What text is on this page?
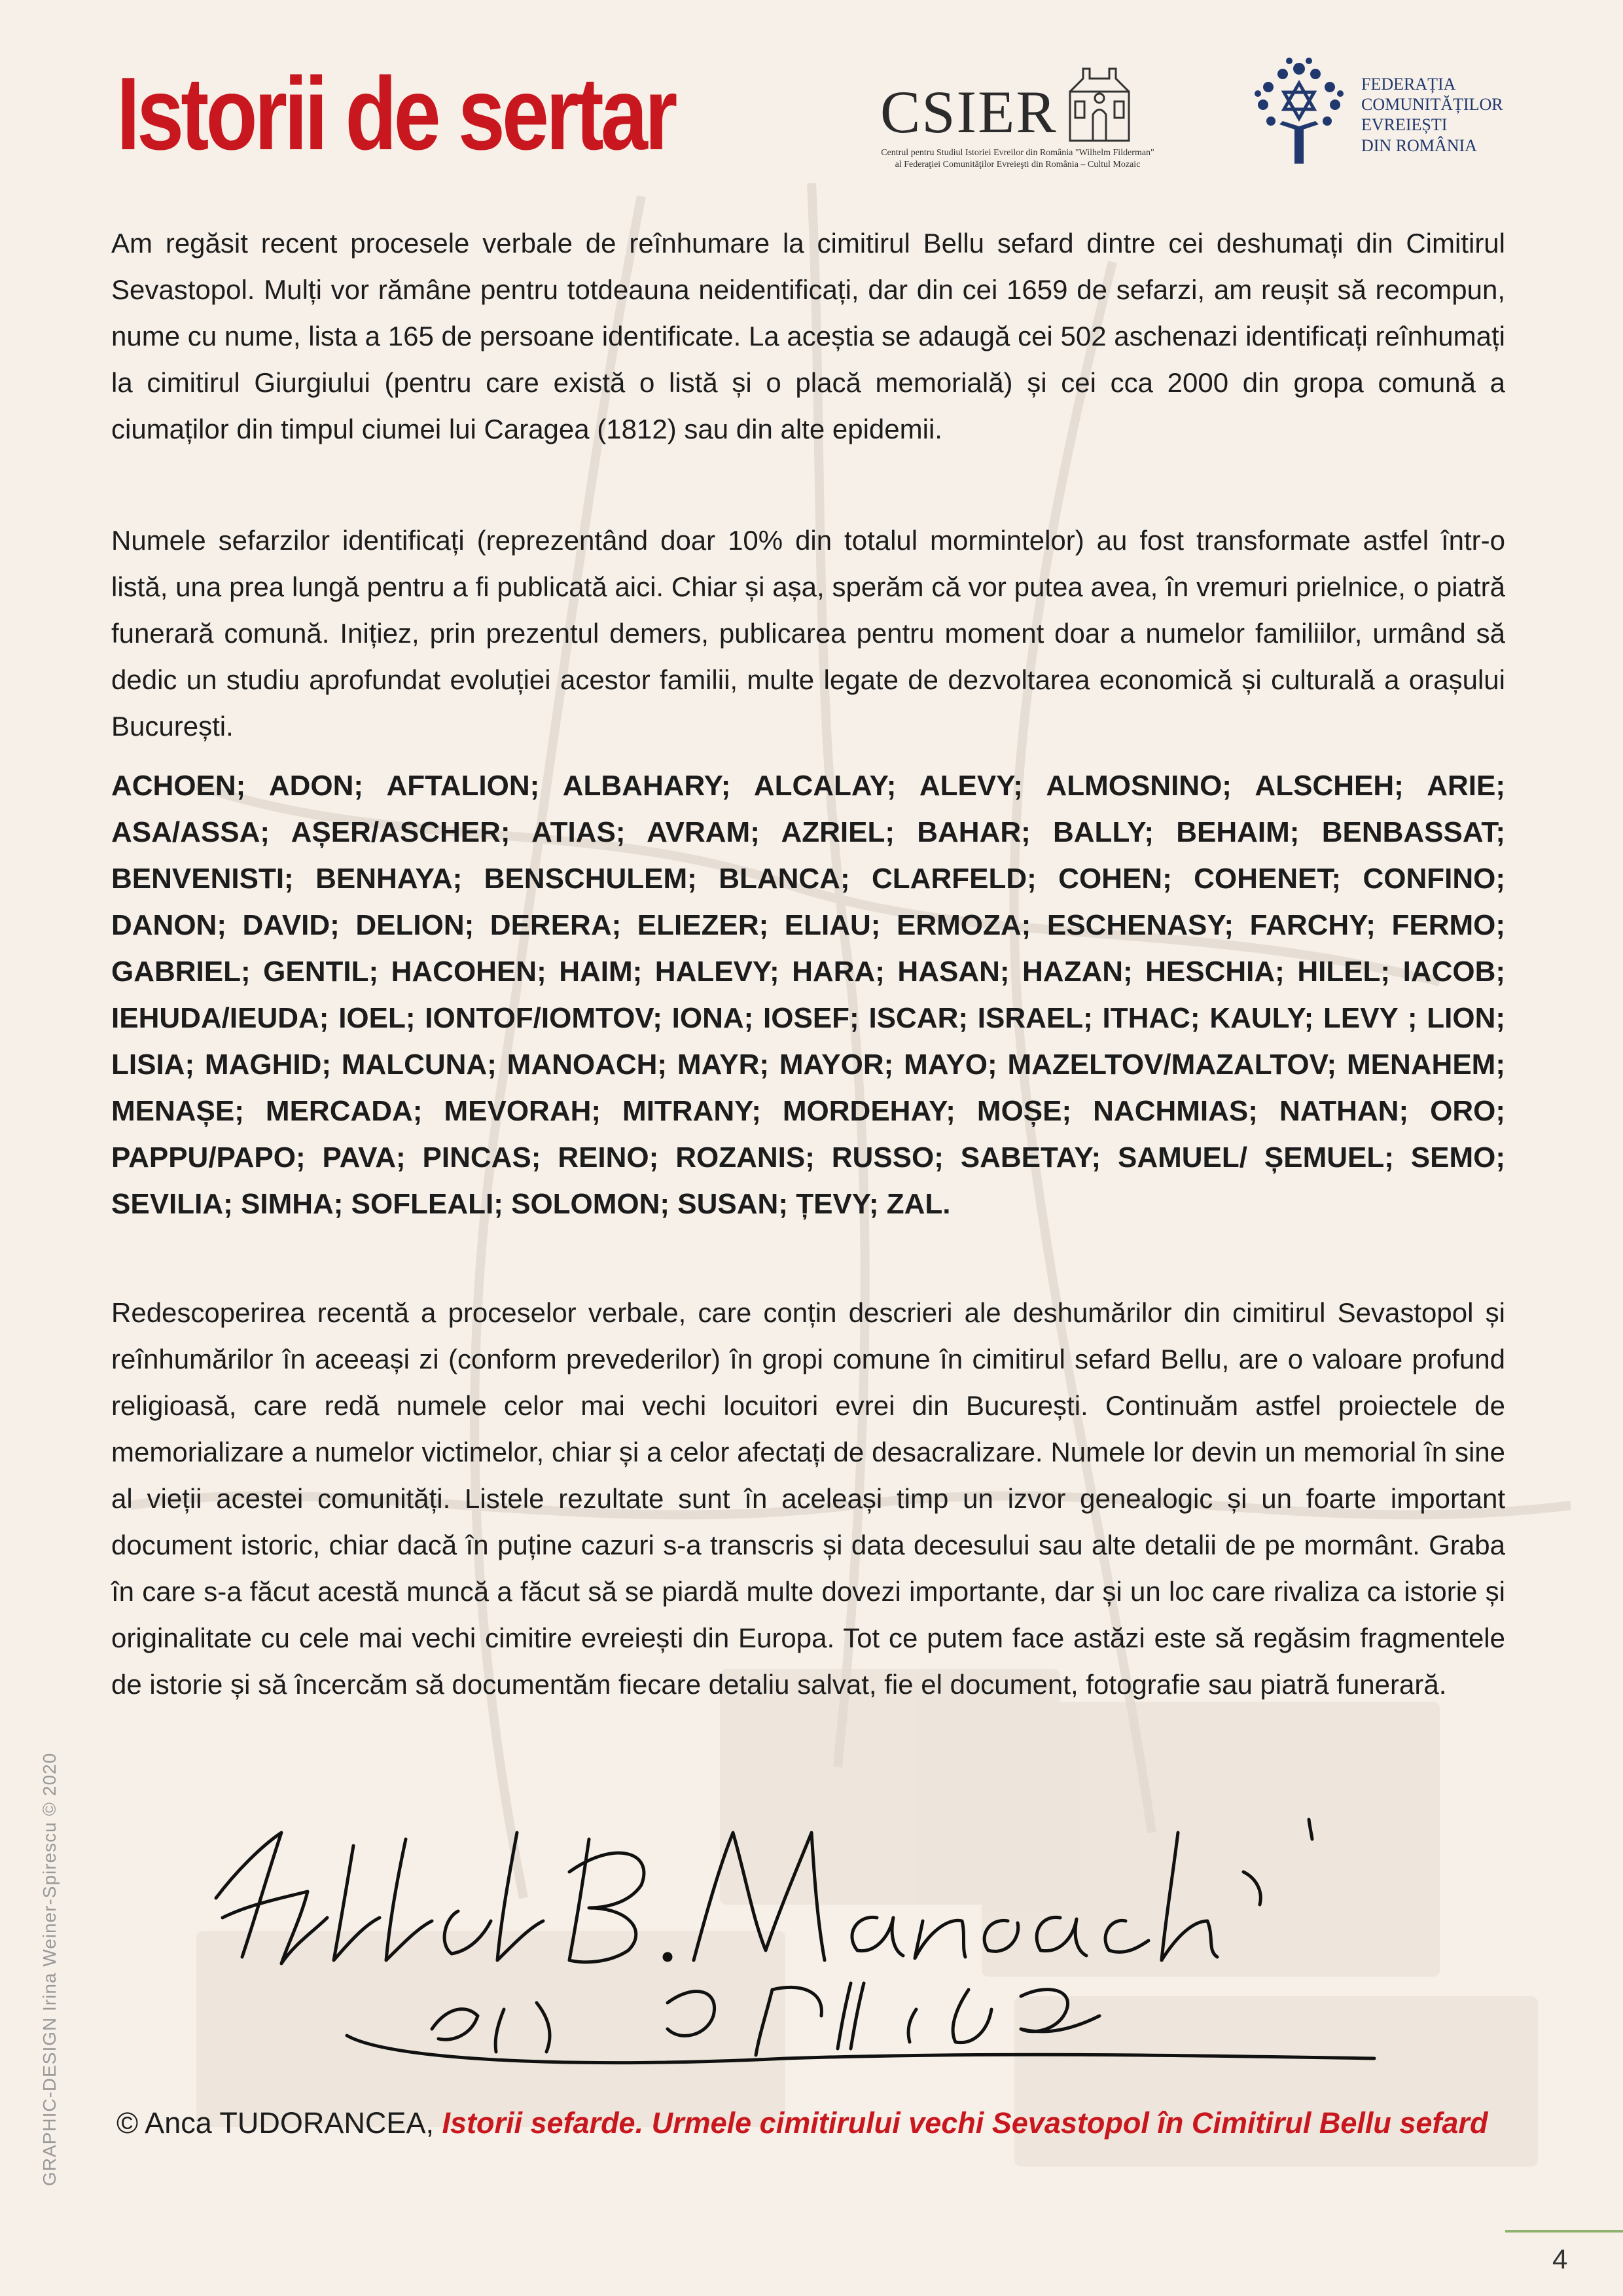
Istorii de sertar	CSIER
Centrul pentru Studiul Istoriei Evreilor din România "Wilhelm Filderman"
al Federaţiei Comunităţilor Evreieşti din România – Cultul Mozaic
FEDERAȚIA
COMUNITĂȚILOR
EVREIEȘTI
DIN ROMÂNIA
Am regăsit recent procesele verbale de reînhumare la cimitirul Bellu sefard dintre cei deshumați din Cimitirul Sevastopol. Mulți vor rămâne pentru totdeauna neidentificați, dar din cei 1659 de sefarzi, am reușit să recompun, nume cu nume, lista a 165 de persoane identificate. La aceștia se adaugă cei 502 aschenazi identificați reînhumați la cimitirul Giurgiului (pentru care există o listă și o placă memorială) și cei cca 2000 din gropa comună a ciumaților din timpul ciumei lui Caragea (1812) sau din alte epidemii.
Numele sefarzilor identificați (reprezentând doar 10% din totalul mormintelor) au fost transformate astfel într-o listă, una prea lungă pentru a fi publicată aici. Chiar și așa, sperăm că vor putea avea, în vremuri prielnice, o piatră funerară comună. Inițiez, prin prezentul demers, publicarea pentru moment doar a numelor familiilor, urmând să dedic un studiu aprofundat evoluției acestor familii, multe legate de dezvoltarea economică și culturală a orașului București.
ACHOEN; ADON; AFTALION; ALBAHARY; ALCALAY; ALEVY; ALMOSNINO; ALSCHEH; ARIE; ASA/ASSA; AȘER/ASCHER; ATIAS; AVRAM; AZRIEL; BAHAR; BALLY; BEHAIM; BENBASSAT; BENVENISTI; BENHAYA; BENSCHULEM; BLANCA; CLARFELD; COHEN; COHENET; CONFINO; DANON; DAVID; DELION; DERERA; ELIEZER; ELIAU; ERMOZA; ESCHENASY; FARCHY; FERMO; GABRIEL; GENTIL; HACOHEN; HAIM; HALEVY; HARA; HASAN; HAZAN; HESCHIA; HILEL; IACOB; IEHUDA/IEUDA; IOEL; IONTOF/IOMTOV; IONA; IOSEF; ISCAR; ISRAEL; ITHAC; KAULY; LEVY ; LION; LISIA; MAGHID; MALCUNA; MANOACH; MAYR; MAYOR; MAYO; MAZELTOV/MAZALTOV; MENAHEM; MENAȘE; MERCADA; MEVORAH; MITRANY; MORDEHAY; MOȘE; NACHMIAS; NATHAN; ORO; PAPPU/PAPO; PAVA; PINCAS; REINO; ROZANIS; RUSSO; SABETAY; SAMUEL/ ȘEMUEL; SEMO; SEVILIA; SIMHA; SOFLEALI; SOLOMON; SUSAN; ȚEVY; ZAL.
Redescoperirea recentă a proceselor verbale, care conțin descrieri ale deshumărilor din cimitirul Sevastopol și reînhumărilor în aceeași zi (conform prevederilor) în gropi comune în cimitirul sefard Bellu, are o valoare profund religioasă, care redă numele celor mai vechi locuitori evrei din București. Continuăm astfel proiectele de memorializare a numelor victimelor, chiar și a celor afectați de desacralizare. Numele lor devin un memorial în sine al vieții acestei comunități. Listele rezultate sunt în aceleași timp un izvor genealogic și un foarte important document istoric, chiar dacă în puține cazuri s-a transcris și data decesului sau alte detalii de pe mormânt. Graba în care s-a făcut acestă muncă a făcut să se piardă multe dovezi importante, dar și un loc care rivaliza ca istorie și originalitate cu cele mai vechi cimitire evreiești din Europa. Tot ce putem face astăzi este să regăsim fragmentele de istorie și să încercăm să documentăm fiecare detaliu salvat, fie el document, fotografie sau piatră funerară.
© Anca TUDORANCEA, Istorii sefarde. Urmele cimitirului vechi Sevastopol în Cimitirul Bellu sefard
GRAPHIC-DESIGN Irina Weiner-Spirescu © 2020
4
